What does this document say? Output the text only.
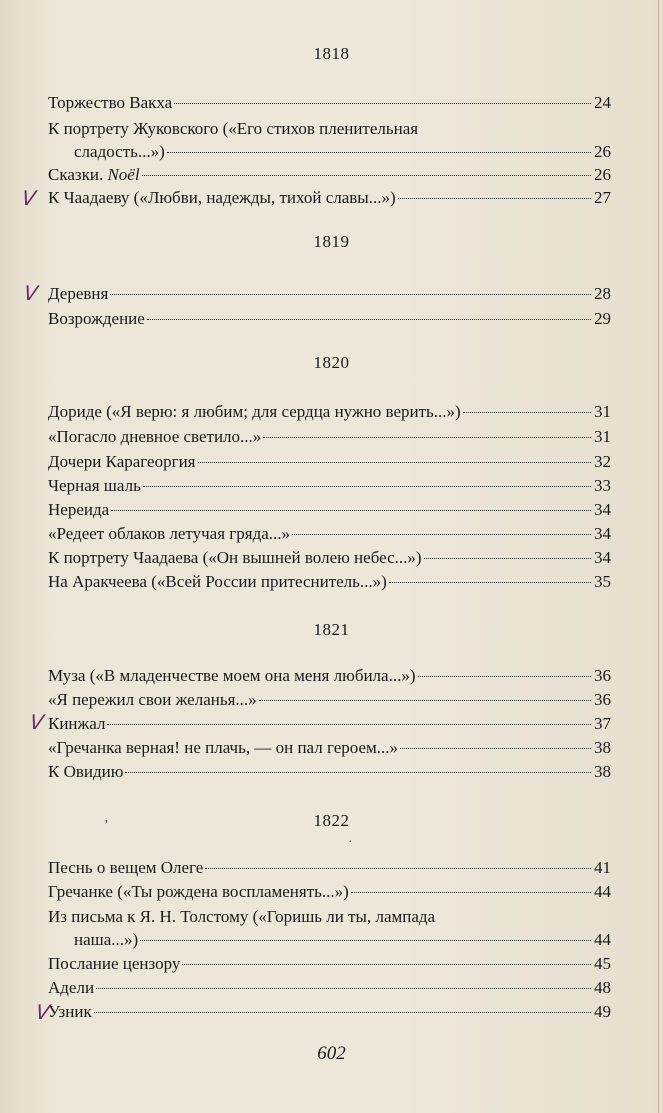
1818
Торжество Вакха	24
К портрету Жуковского («Его стихов пленительная
сладость...»)	26
Сказки. Noël	26
К Чаадаеву («Любви, надежды, тихой славы...»)	27
V
1819
Деревня	28
V
Возрождение	29
1820
Дориде («Я верю: я любим; для сердца нужно верить...»)	31
«Погасло дневное светило...»	31
Дочери Карагеоргия	32
Черная шаль	33
Нереида	34
«Редеет облаков летучая гряда...»	34
К портрету Чаадаева («Он вышней волею небес...»)	34
На Аракчеева («Всей России притеснитель...»)	35
1821
Муза («В младенчестве моем она меня любила...»)	36
«Я пережил свои желанья...»	36
Кинжал	37
V
«Гречанка верная! не плачь, — он пал героем...»	38
К Овидию	38
ʼ
·
1822
Песнь о вещем Олеге	41
Гречанке («Ты рождена воспламенять...»)	44
Из письма к Я. Н. Толстому («Горишь ли ты, лампада
наша...»)	44
Послание цензору	45
Адели	48
Узник	49
V
602
